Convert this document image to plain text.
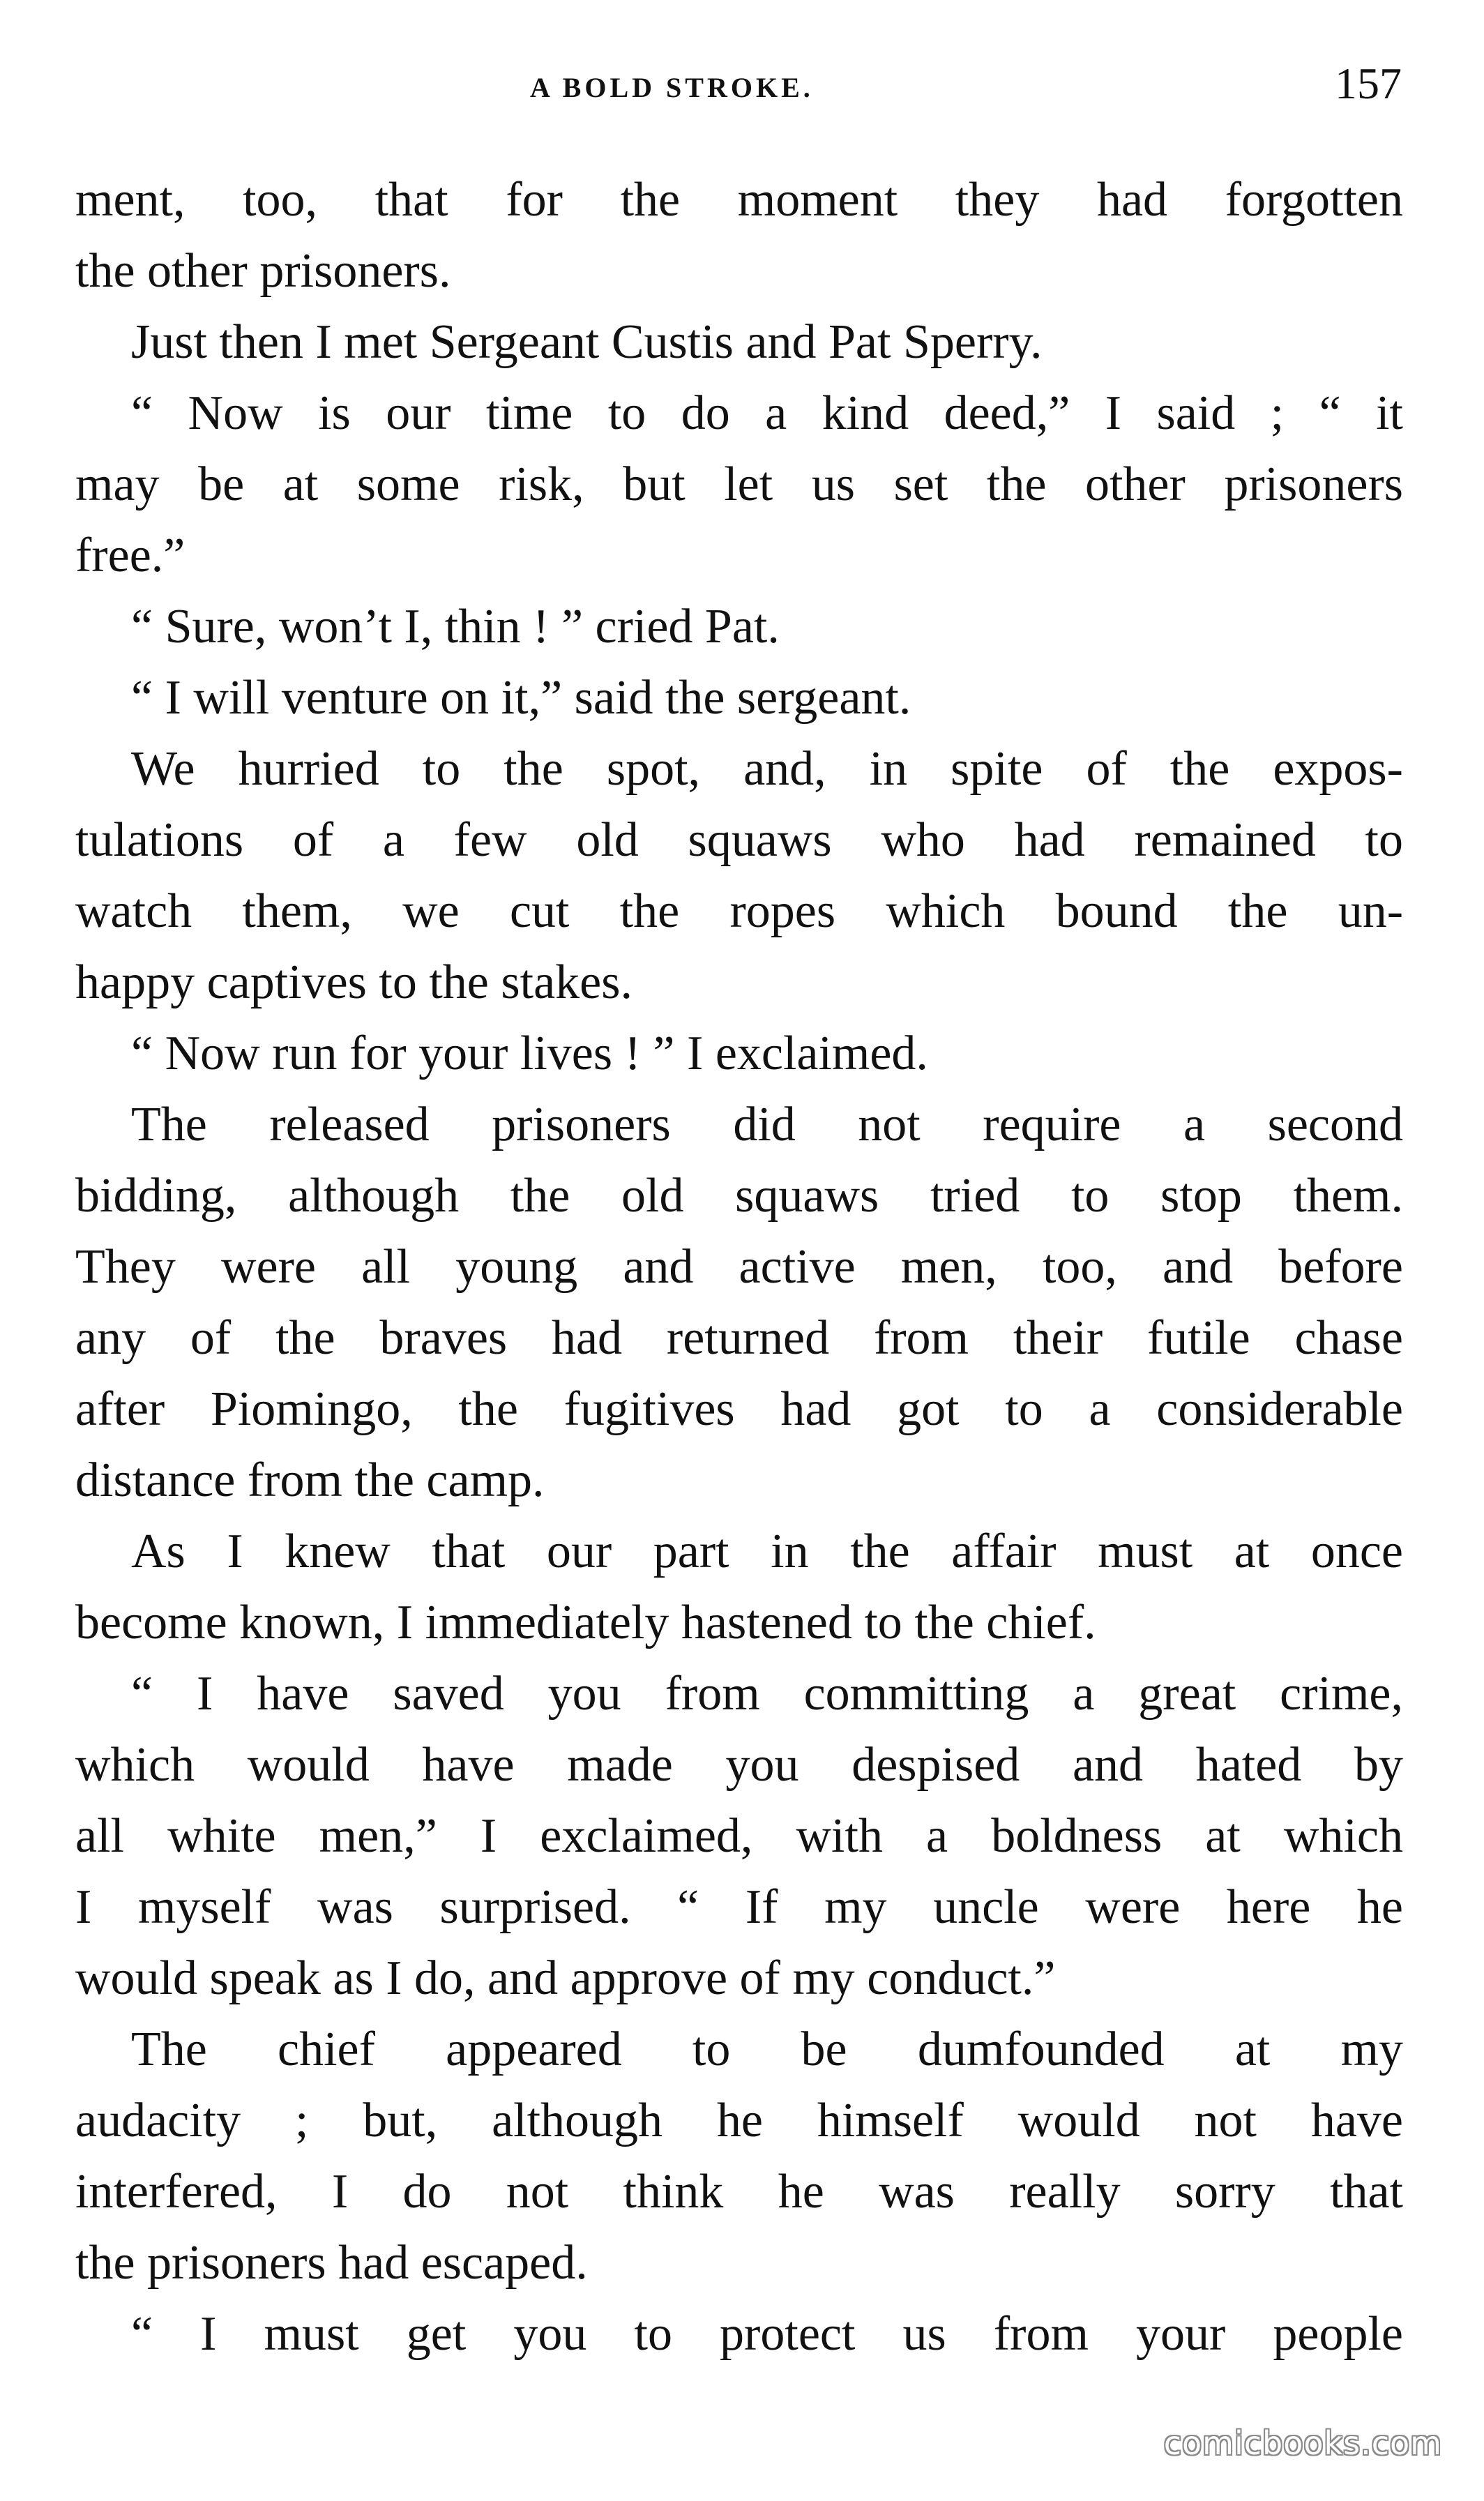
A BOLD STROKE.	157
ment, too, that for the moment they had forgotten
the other prisoners.
Just then I met Sergeant Custis and Pat Sperry.
“ Now is our time to do a kind deed,” I said ; “ it
may be at some risk, but let us set the other prisoners
free.”
“ Sure, won’t I, thin ! ” cried Pat.
“ I will venture on it,” said the sergeant.
We hurried to the spot, and, in spite of the expos-
tulations of a few old squaws who had remained to
watch them, we cut the ropes which bound the un-
happy captives to the stakes.
“ Now run for your lives ! ” I exclaimed.
The released prisoners did not require a second
bidding, although the old squaws tried to stop them.
They were all young and active men, too, and before
any of the braves had returned from their futile chase
after Piomingo, the fugitives had got to a considerable
distance from the camp.
As I knew that our part in the affair must at once
become known, I immediately hastened to the chief.
“ I have saved you from committing a great crime,
which would have made you despised and hated by
all white men,” I exclaimed, with a boldness at which
I myself was surprised. “ If my uncle were here he
would speak as I do, and approve of my conduct.”
The chief appeared to be dumfounded at my
audacity ; but, although he himself would not have
interfered, I do not think he was really sorry that
the prisoners had escaped.
“ I must get you to protect us from your people
comicbooks.com
